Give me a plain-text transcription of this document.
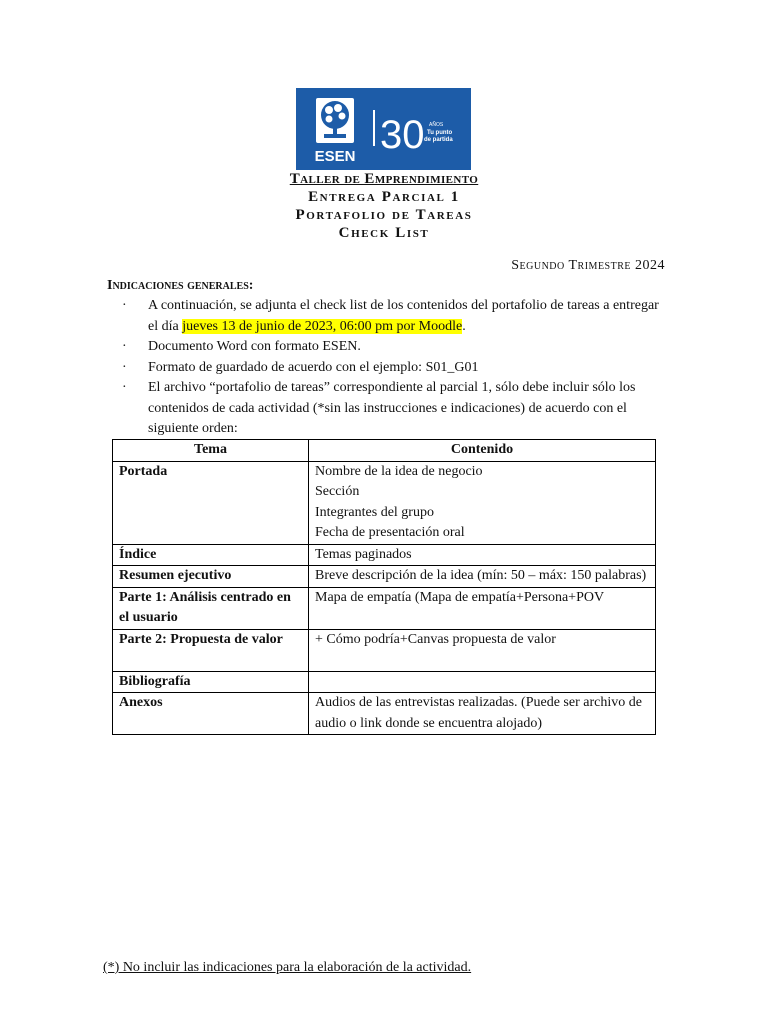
ESEN 30 AÑOS
Tu punto
de partida
Taller de Emprendimiento
Entrega Parcial 1
Portafolio de Tareas
Check List
Segundo Trimestre 2024
Indicaciones generales:
· A continuación, se adjunta el check list de los contenidos del portafolio de tareas a entregar el día jueves 13 de junio de 2023, 06:00 pm por Moodle.
· Documento Word con formato ESEN.
· Formato de guardado de acuerdo con el ejemplo: S01_G01
· El archivo “portafolio de tareas” correspondiente al parcial 1, sólo debe incluir sólo los contenidos de cada actividad (*sin las instrucciones e indicaciones) de acuerdo con el siguiente orden:
Tema	Contenido
Portada	Nombre de la idea de negocio
Sección
Integrantes del grupo
Fecha de presentación oral

Índice	Temas paginados
Resumen ejecutivo	Breve descripción de la idea (mín: 50 – máx: 150 palabras)
Parte 1: Análisis centrado en el usuario	Mapa de empatía (Mapa de empatía+Persona+POV
Parte 2: Propuesta de valor	+ Cómo podría+Canvas propuesta de valor
Bibliografía	
Anexos	Audios de las entrevistas realizadas. (Puede ser archivo de audio o link donde se encuentra alojado)
(*) No incluir las indicaciones para la elaboración de la actividad.
